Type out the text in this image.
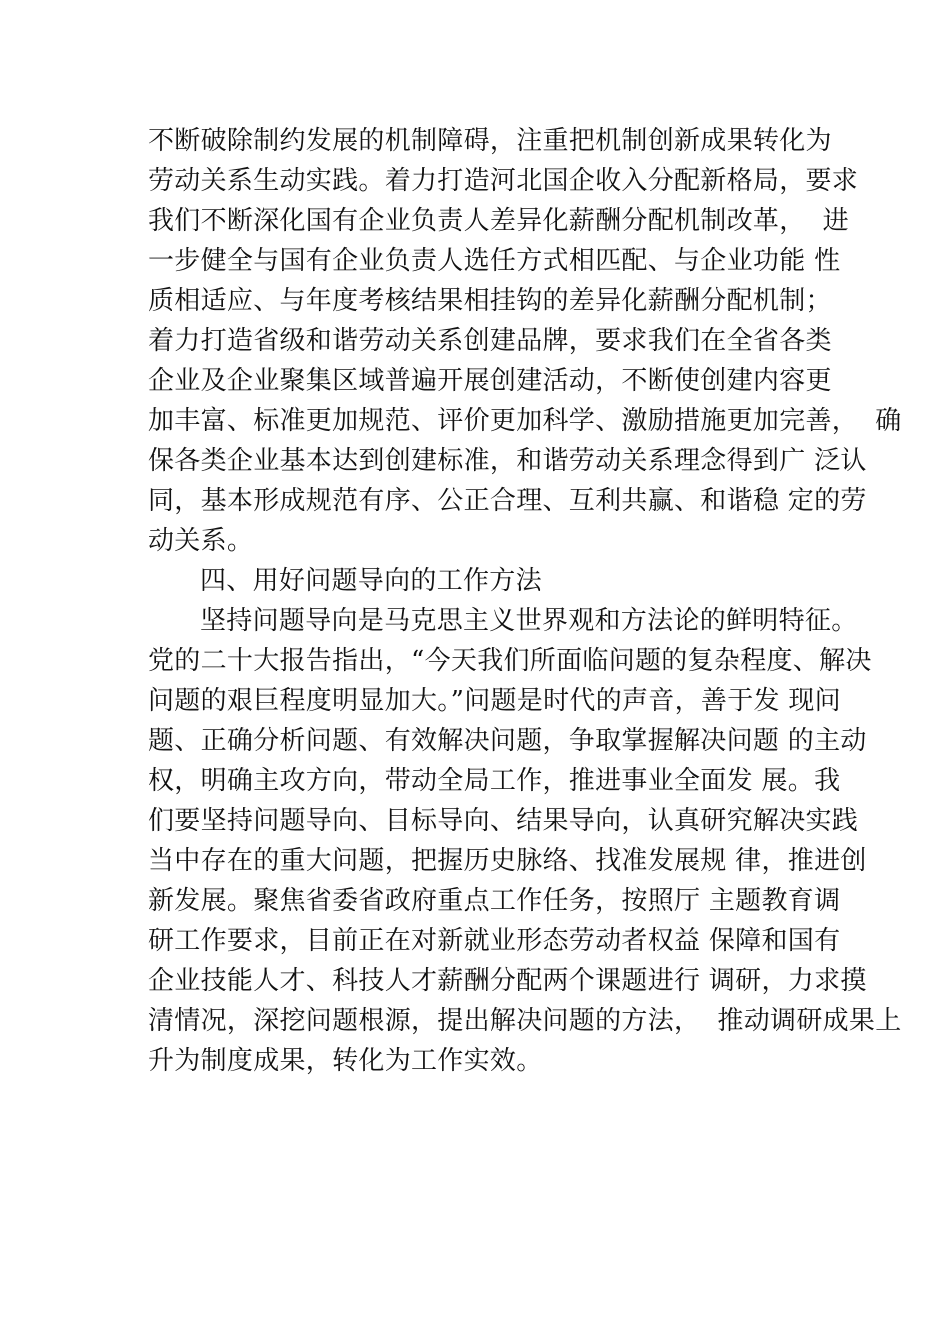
不断破除制约发展的机制障碍，注重把机制创新成果转化为
劳动关系生动实践。着力打造河北国企收入分配新格局，要求
我们不断深化国有企业负责人差异化薪酬分配机制改革，  进
一步健全与国有企业负责人选任方式相匹配、与企业功能 性
质相适应、与年度考核结果相挂钩的差异化薪酬分配机制；
着力打造省级和谐劳动关系创建品牌，要求我们在全省各类
企业及企业聚集区域普遍开展创建活动，不断使创建内容更
加丰富、标准更加规范、评价更加科学、激励措施更加完善，  确
保各类企业基本达到创建标准，和谐劳动关系理念得到广 泛认
同，基本形成规范有序、公正合理、互利共赢、和谐稳 定的劳
动关系。
四、用好问题导向的工作方法
坚持问题导向是马克思主义世界观和方法论的鲜明特征。
党的二十大报告指出，“今天我们所面临问题的复杂程度、解决
问题的艰巨程度明显加大。”问题是时代的声音，善于发 现问
题、正确分析问题、有效解决问题，争取掌握解决问题 的主动
权，明确主攻方向，带动全局工作，推进事业全面发 展。我
们要坚持问题导向、目标导向、结果导向，认真研究解决实践
当中存在的重大问题，把握历史脉络、找准发展规 律，推进创
新发展。聚焦省委省政府重点工作任务，按照厅 主题教育调
研工作要求，目前正在对新就业形态劳动者权益 保障和国有
企业技能人才、科技人才薪酬分配两个课题进行 调研，力求摸
清情况，深挖问题根源，提出解决问题的方法，  推动调研成果上
升为制度成果，转化为工作实效。
